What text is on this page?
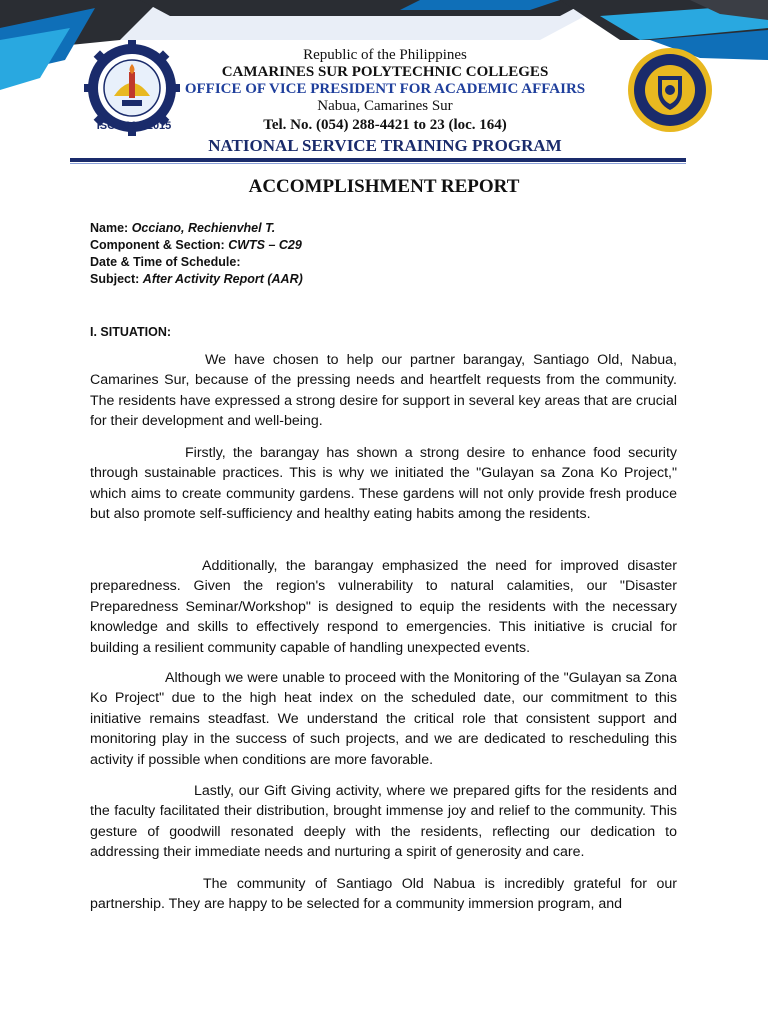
ISO 9001:2015
Republic of the Philippines
CAMARINES SUR POLYTECHNIC COLLEGES
OFFICE OF VICE PRESIDENT FOR ACADEMIC AFFAIRS
Nabua, Camarines Sur
Tel. No. (054) 288-4421 to 23 (loc. 164)
NATIONAL SERVICE TRAINING PROGRAM
ACCOMPLISHMENT REPORT
Name: Occiano, Rechienvhel T.
Component & Section: CWTS – C29
Date & Time of Schedule:
Subject: After Activity Report (AAR)
I. SITUATION:
We have chosen to help our partner barangay, Santiago Old, Nabua, Camarines Sur, because of the pressing needs and heartfelt requests from the community. The residents have expressed a strong desire for support in several key areas that are crucial for their development and well-being.
Firstly, the barangay has shown a strong desire to enhance food security through sustainable practices. This is why we initiated the "Gulayan sa Zona Ko Project," which aims to create community gardens. These gardens will not only provide fresh produce but also promote self-sufficiency and healthy eating habits among the residents.
Additionally, the barangay emphasized the need for improved disaster preparedness. Given the region's vulnerability to natural calamities, our "Disaster Preparedness Seminar/Workshop" is designed to equip the residents with the necessary knowledge and skills to effectively respond to emergencies. This initiative is crucial for building a resilient community capable of handling unexpected events.
Although we were unable to proceed with the Monitoring of the "Gulayan sa Zona Ko Project" due to the high heat index on the scheduled date, our commitment to this initiative remains steadfast. We understand the critical role that consistent support and monitoring play in the success of such projects, and we are dedicated to rescheduling this activity if possible when conditions are more favorable.
Lastly, our Gift Giving activity, where we prepared gifts for the residents and the faculty facilitated their distribution, brought immense joy and relief to the community. This gesture of goodwill resonated deeply with the residents, reflecting our dedication to addressing their immediate needs and nurturing a spirit of generosity and care.
The community of Santiago Old Nabua is incredibly grateful for our partnership. They are happy to be selected for a community immersion program, and
